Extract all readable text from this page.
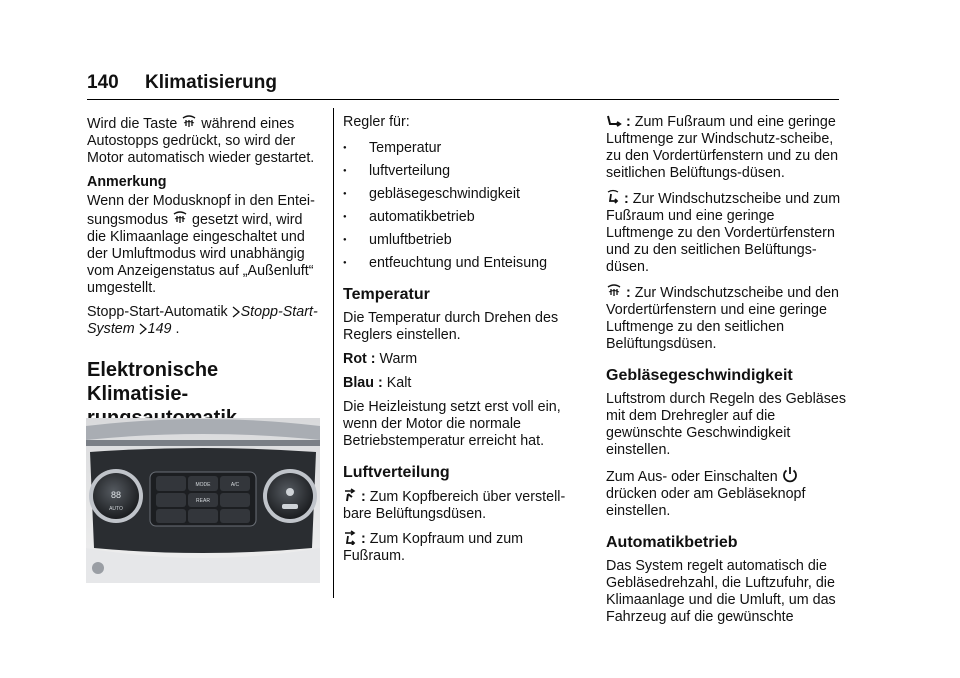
140 Klimatisierung

Wird die Taste  während eines Autostopps gedrückt, so wird der Motor automatisch wieder gestartet.

Anmerkung

Wenn der Modusknopf in den Entei-sungsmodus  gesetzt wird, wird die Klimaanlage eingeschaltet und der Umluftmodus wird unabhängig vom Anzeigenstatus auf „Außenluft“ umgestellt.

Stopp-Start-Automatik Stopp-Start-System 149 .

Elektronische Klimatisie-
88
AUTO
MODE	A/C
REAR

Regler für:

●	Temperatur
●	luftverteilung
●	gebläsegeschwindigkeit
●	automatikbetrieb
●	umluftbetrieb
●	entfeuchtung und Enteisung
Temperatur

Die Temperatur durch Drehen des Reglers einstellen.

Rot : Warm

Blau : Kalt

Die Heizleistung setzt erst voll ein, wenn der Motor die normale Betriebstemperatur erreicht hat.

Luftverteilung

: Zum Kopfbereich über verstell-bare Belüftungsdüsen.

: Zum Kopfraum und zum Fußraum.

: Zum Fußraum und eine geringe Luftmenge zur Windschutz-scheibe, zu den Vordertürfenstern und zu den seitlichen Belüftungs-düsen.

: Zur Windschutzscheibe und zum Fußraum und eine geringe Luftmenge zu den Vordertürfenstern und zu den seitlichen Belüftungs-düsen.

: Zur Windschutzscheibe und den Vordertürfenstern und eine geringe Luftmenge zu den seitlichen Belüftungsdüsen.

Gebläsegeschwindigkeit

Luftstrom durch Regeln des Gebläses mit dem Drehregler auf die gewünschte Geschwindigkeit einstellen.

Zum Aus- oder Einschalten
drücken oder am Gebläseknopf einstellen.

Automatikbetrieb

Das System regelt automatisch die Gebläsedrehzahl, die Luftzufuhr, die Klimaanlage und die Umluft, um das Fahrzeug auf die gewünschte
